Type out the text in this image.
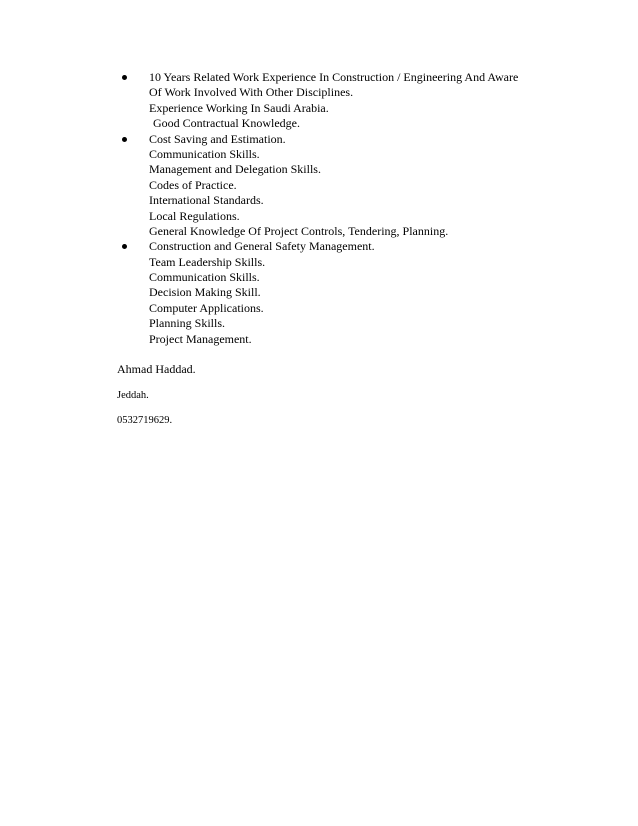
10 Years Related Work Experience In Construction / Engineering And Aware
Of Work Involved With Other Disciplines.
Experience Working In Saudi Arabia.
Good Contractual Knowledge.
Cost Saving and Estimation.
Communication Skills.
Management and Delegation Skills.
Codes of Practice.
International Standards.
Local Regulations.
General Knowledge Of Project Controls, Tendering, Planning.
Construction and General Safety Management.
Team Leadership Skills.
Communication Skills.
Decision Making Skill.
Computer Applications.
Planning Skills.
Project Management.
Ahmad Haddad.
Jeddah.
0532719629.
